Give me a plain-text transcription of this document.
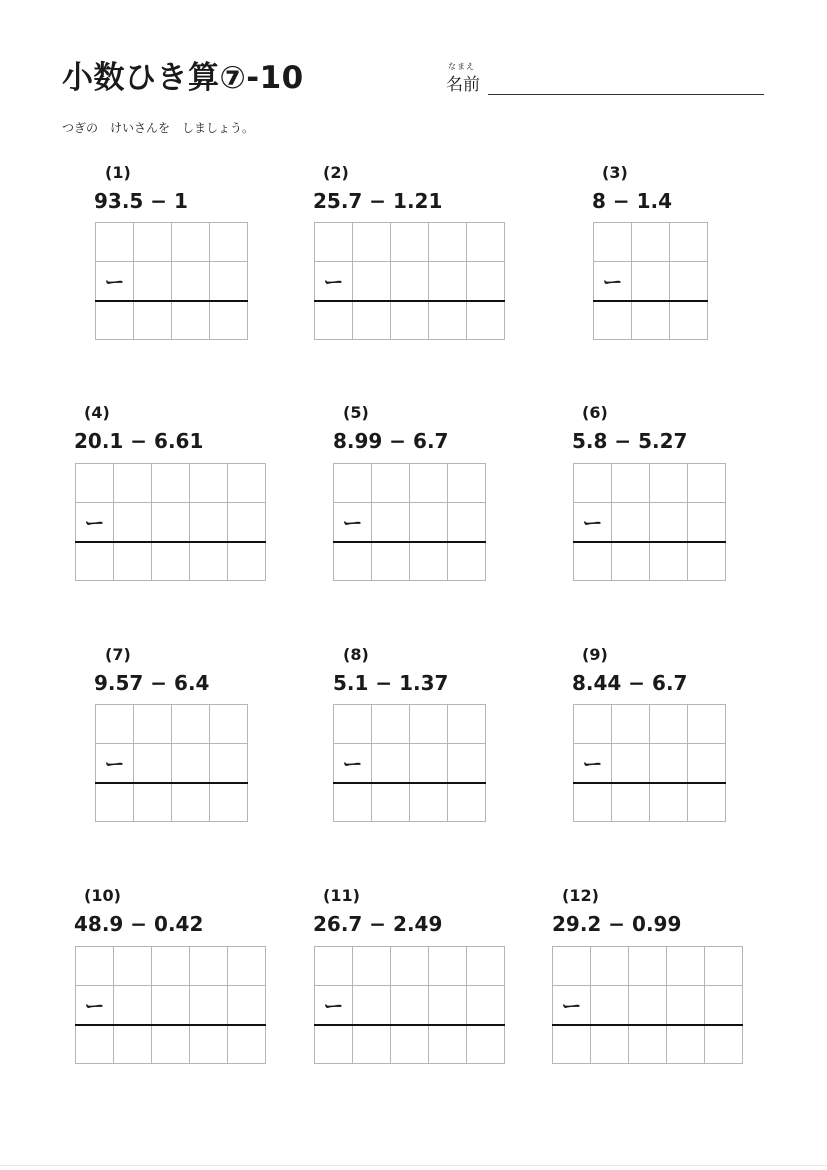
小数ひき算⑦-10	なまえ
名前
つぎの　けいさんを　しましょう。
(1)
93.5 − 1

ー			

(2)
25.7 − 1.21

ー				

(3)
8 − 1.4

ー		

(4)
20.1 − 6.61

ー				

(5)
8.99 − 6.7

ー			

(6)
5.8 − 5.27

ー			

(7)
9.57 − 6.4

ー			

(8)
5.1 − 1.37

ー			

(9)
8.44 − 6.7

ー			

(10)
48.9 − 0.42

ー				

(11)
26.7 − 2.49

ー				

(12)
29.2 − 0.99

ー				
